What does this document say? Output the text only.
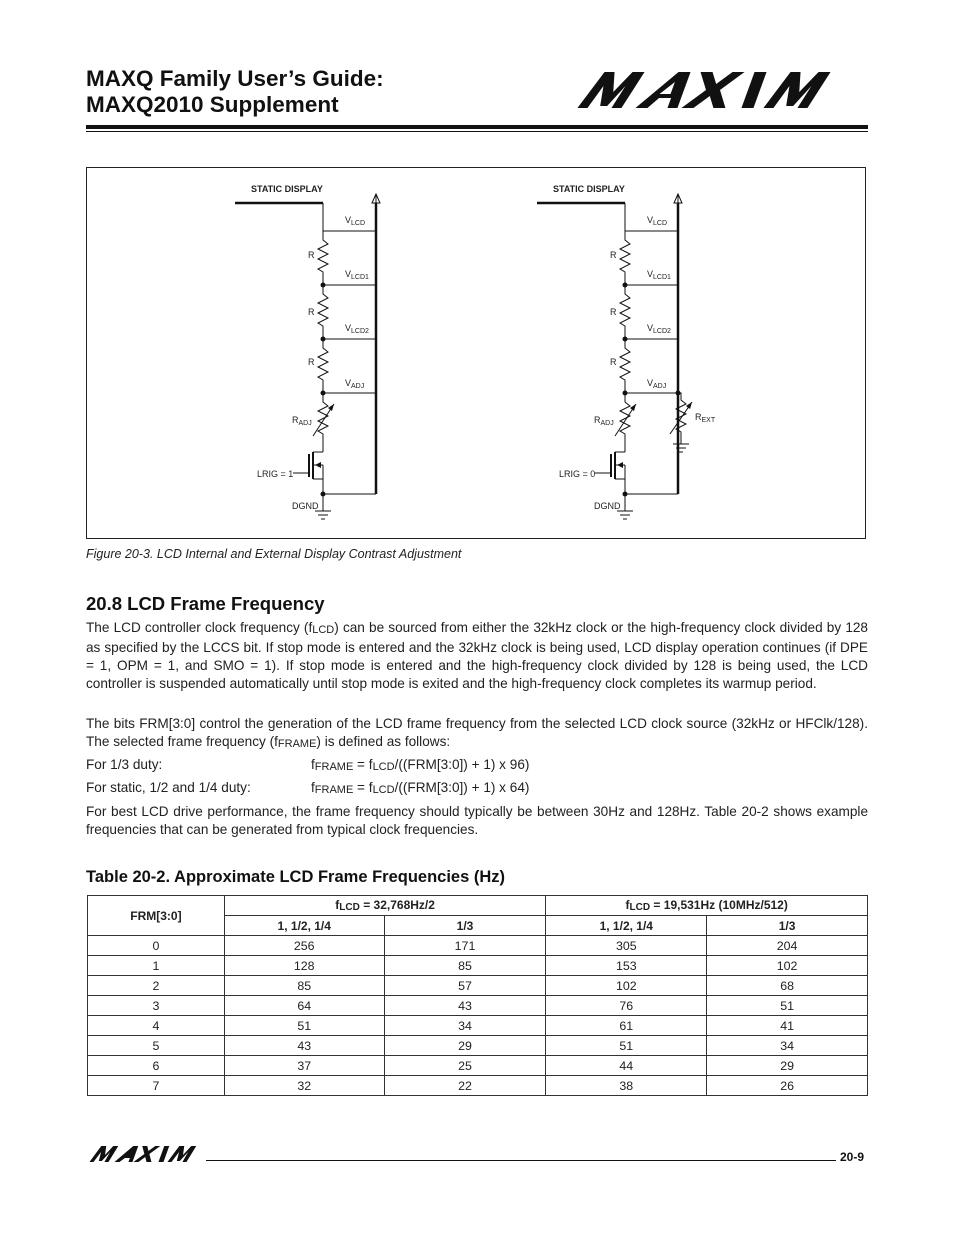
MAXQ Family User’s Guide:
MAXQ2010 Supplement
STATIC DISPLAY
$V_{LCD}$
$V_{LCD1}$
$V_{LCD2}$
$V_{ADJ}$
R
R
R
$R_{ADJ}$
LRIG = 1
DGND
STATIC DISPLAY
$V_{LCD}$
$V_{LCD1}$
$V_{LCD2}$
$V_{ADJ}$
R
R
R
$R_{ADJ}$
$R_{EXT}$
LRIG = 0
DGND
Figure 20-3. LCD Internal and External Display Contrast Adjustment
20.8 LCD Frame Frequency
The LCD controller clock frequency $(f_{LCD})$ can be sourced from either the 32kHz clock or the high-frequency clock divided by 128 as specified by the LCCS bit. If stop mode is entered and the 32kHz clock is being used, LCD display operation continues (if DPE = 1, OPM = 1, and SMO = 1). If stop mode is entered and the high-frequency clock divided by 128 is being used, the LCD controller is suspended automatically until stop mode is exited and the high-frequency clock completes its warmup period.
The bits FRM[3:0] control the generation of the LCD frame frequency from the selected LCD clock source (32kHz or HFClk/128). The selected frame frequency $(f_{FRAME})$ is defined as follows:
For 1/3 duty:	$f_{FRAME}$ = $f_{LCD}/((FRM[3:0]) + 1)$ x 96)
For static, 1/2 and 1/4 duty:	$f_{FRAME}$ = $f_{LCD}/((FRM[3:0]) + 1)$ x 64)
For best LCD drive performance, the frame frequency should typically be between 30Hz and 128Hz. Table 20-2 shows example frequencies that can be generated from typical clock frequencies.
Table 20-2. Approximate LCD Frame Frequencies (Hz)
FRM[3:0]	$f_{LCD} = 32,768Hz/2$		$f_{LCD} = 19,531Hz$ (10MHz/512)	
	1, 1/2, 1/4	1/3	1, 1/2, 1/4	1/3
0	256	171	305	204
1	128	85	153	102
2	85	57	102	68
3	64	43	76	51
4	51	34	61	41
5	43	29	51	34
6	37	25	44	29
7	32	22	38	26
20-9
